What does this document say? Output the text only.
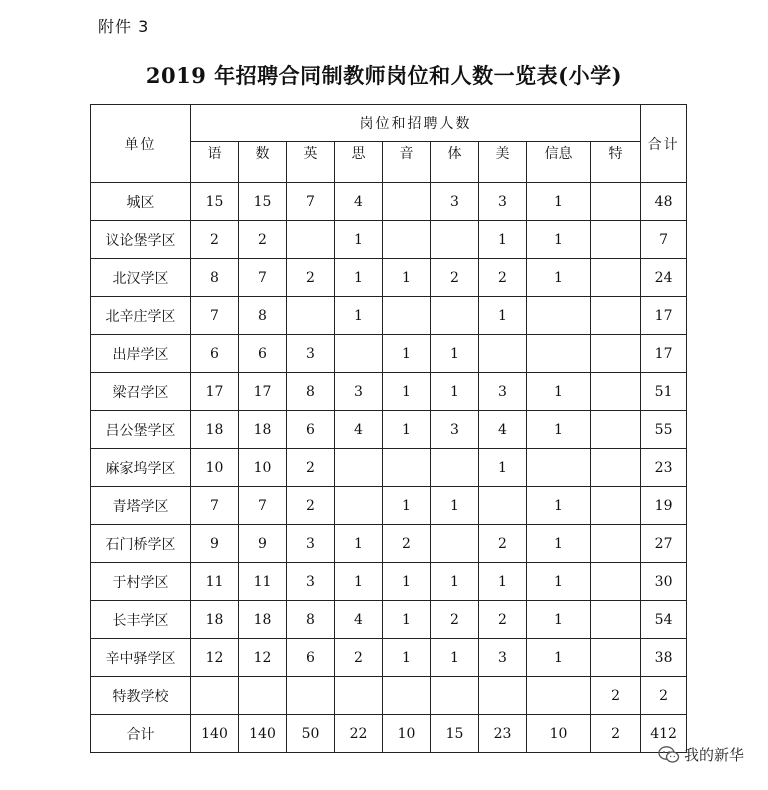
附件 3
2019 年招聘合同制教师岗位和人数一览表(小学)
单位	岗位和招聘人数									合计

	语	数	英	思	音	体	美	信息	特	

城区	15	15	7	4		3	3	1		48
议论堡学区	2	2		1			1	1		7
北汉学区	8	7	2	1	1	2	2	1		24
北辛庄学区	7	8		1			1			17
出岸学区	6	6	3		1	1				17
梁召学区	17	17	8	3	1	1	3	1		51
吕公堡学区	18	18	6	4	1	3	4	1		55
麻家坞学区	10	10	2				1			23
青塔学区	7	7	2		1	1		1		19
石门桥学区	9	9	3	1	2		2	1		27
于村学区	11	11	3	1	1	1	1	1		30
长丰学区	18	18	8	4	1	2	2	1		54
辛中驿学区	12	12	6	2	1	1	3	1		38
特教学校									2	2
合计	140	140	50	22	10	15	23	10	2	412
我的新华
